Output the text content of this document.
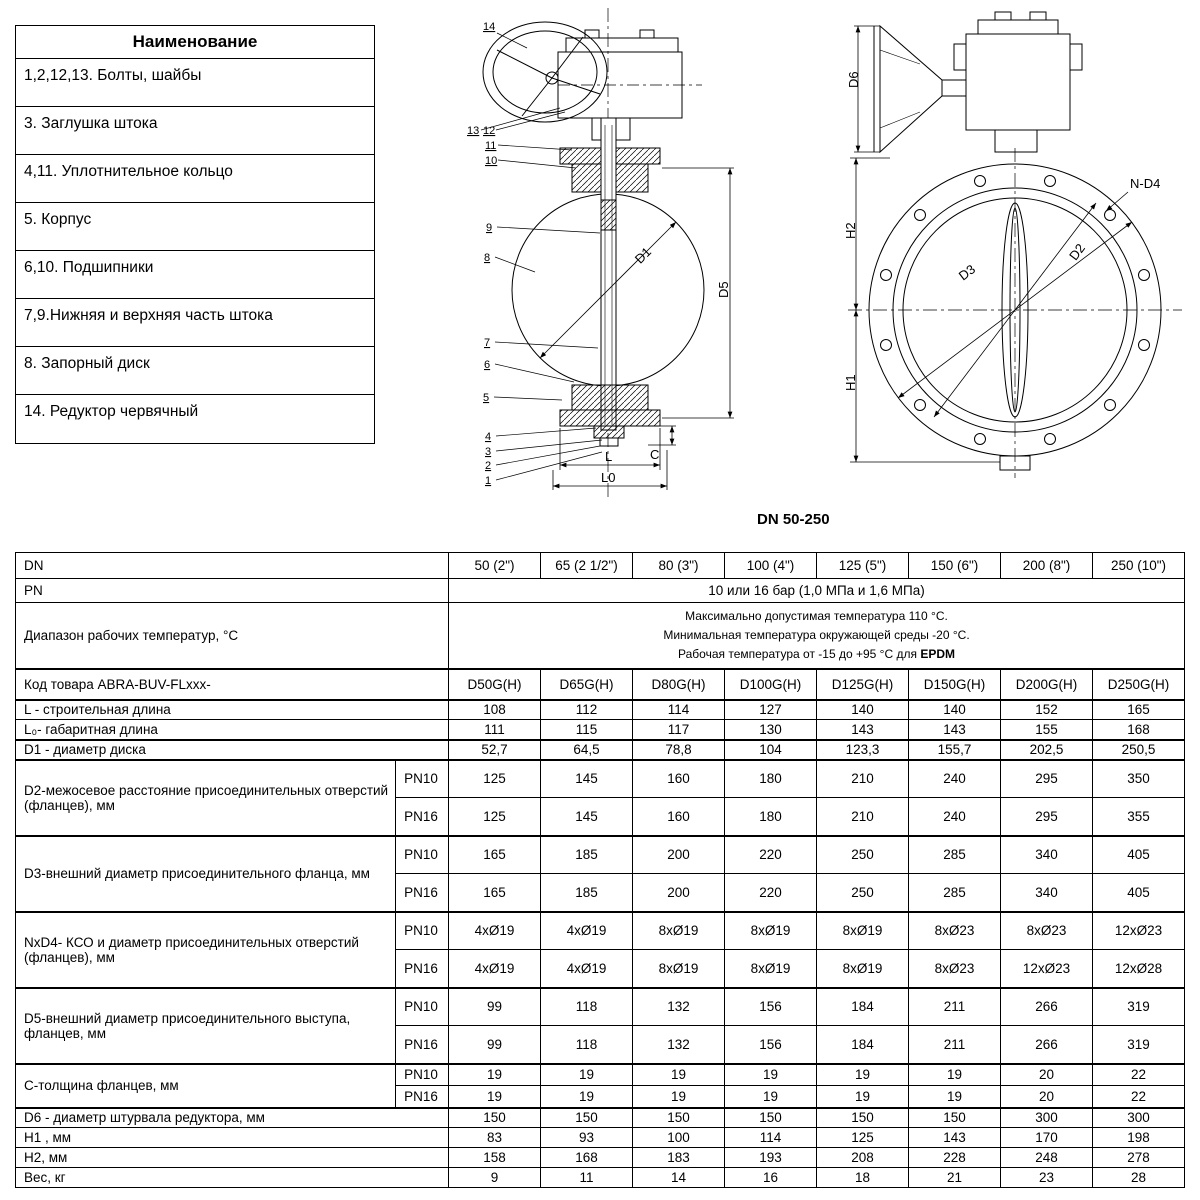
Наименование
1,2,12,13. Болты, шайбы
3. Заглушка штока
4,11. Уплотнительное кольцо
5. Корпус
6,10. Подшипники
7,9.Нижняя и верхняя часть штока
8. Запорный диск
14. Редуктор червячный
14
13 12
11
10
9
8
7
6
5
4
3
2
1
D1
D5
L
L0
C
D6
H2
H1
D3
D2
N-D4
DN 50-250
DN		50 (2")	65 (2 1/2")	80 (3")	100 (4")	125 (5")	150 (6")	200 (8")	250 (10")
PN		10 или 16 бар (1,0 МПа и 1,6 МПа)							
Диапазон рабочих температур, °С		Максимально допустимая температура 110 °С.
Минимальная температура окружающей среды -20 °С.
Рабочая температура от -15 до +95 °С для EPDM							

Код товара ABRA-BUV-FLxxx-		D50G(H)	D65G(H)	D80G(H)	D100G(H)	D125G(H)	D150G(H)	D200G(H)	D250G(H)
L - строительная длина		108	112	114	127	140	140	152	165
L₀- габаритная длина		111	115	117	130	143	143	155	168
D1 - диаметр диска		52,7	64,5	78,8	104	123,3	155,7	202,5	250,5
D2-межосевое расстояние присоединительных отверстий (фланцев), мм	PN10	125	145	160	180	210	240	295	350
	PN16	125	145	160	180	210	240	295	355
D3-внешний диаметр присоединительного фланца, мм	PN10	165	185	200	220	250	285	340	405
	PN16	165	185	200	220	250	285	340	405
NxD4- КСО и диаметр присоединительных отверстий (фланцев), мм	PN10	4xØ19	4xØ19	8xØ19	8xØ19	8xØ19	8xØ23	8xØ23	12xØ23
	PN16	4xØ19	4xØ19	8xØ19	8xØ19	8xØ19	8xØ23	12xØ23	12xØ28
D5-внешний диаметр присоединительного выступа, фланцев, мм	PN10	99	118	132	156	184	211	266	319
	PN16	99	118	132	156	184	211	266	319
С-толщина фланцев, мм	PN10	19	19	19	19	19	19	20	22
	PN16	19	19	19	19	19	19	20	22
D6 - диаметр штурвала редуктора, мм		150	150	150	150	150	150	300	300
H1 , мм		83	93	100	114	125	143	170	198
H2, мм		158	168	183	193	208	228	248	278
Вес, кг		9	11	14	16	18	21	23	28
